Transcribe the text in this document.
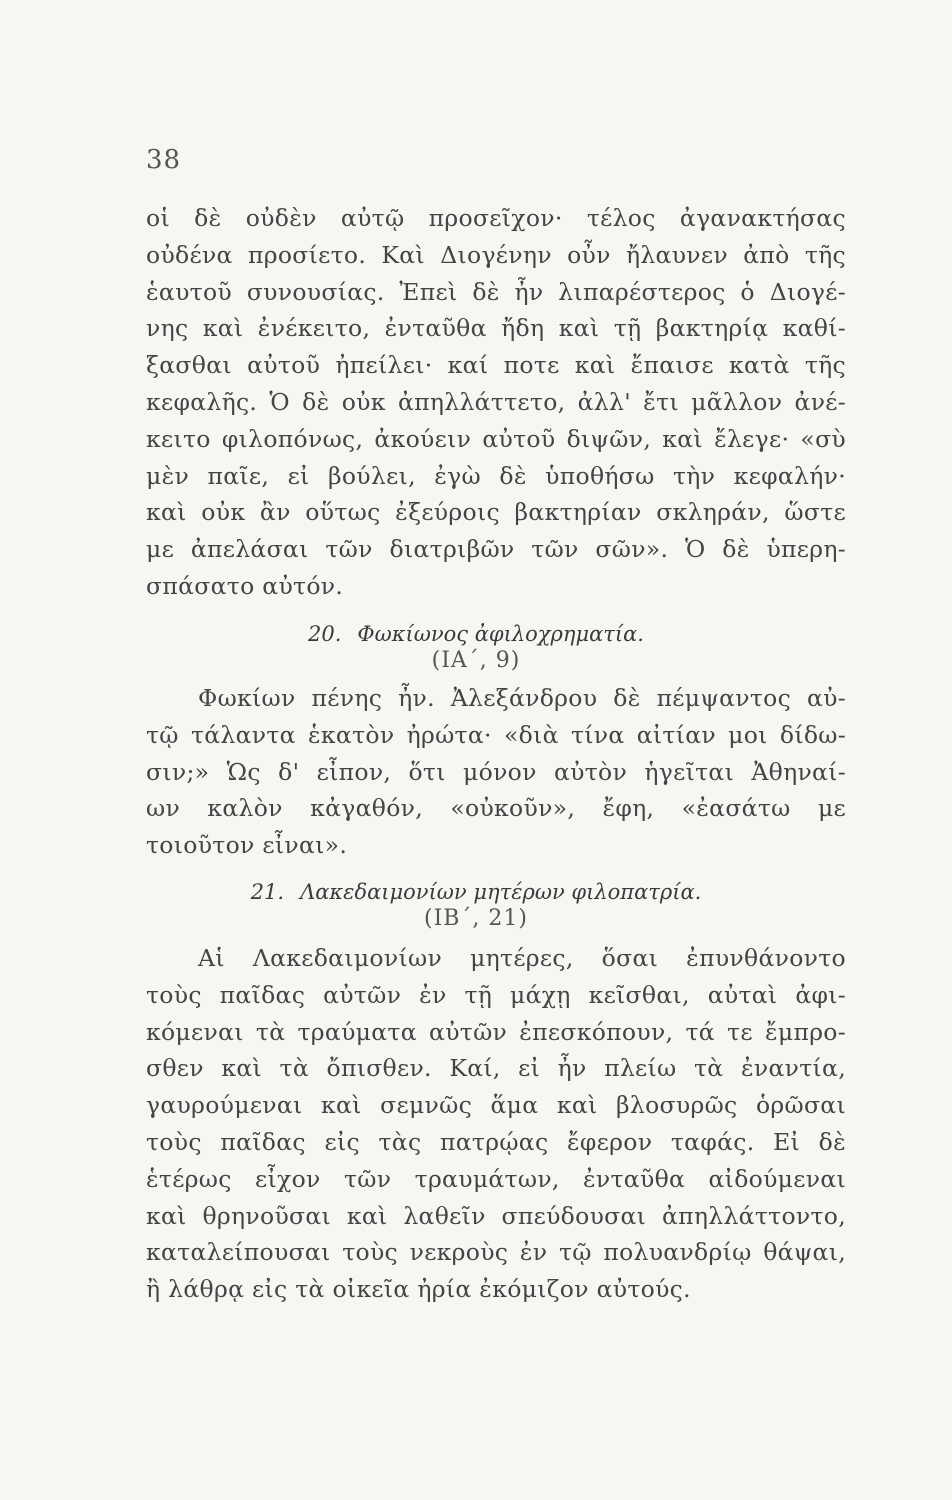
38
οἱ δὲ οὐδὲν αὐτῷ προσεῖχον· τέλος ἀγανακτήσας
οὐδένα προσίετο. Καὶ Διογένην οὖν ἤλαυνεν ἀπὸ τῆς
ἑαυτοῦ συνουσίας. Ἐπεὶ δὲ ἦν λιπαρέστερος ὁ Διογέ-
νης καὶ ἐνέκειτο, ἐνταῦθα ἤδη καὶ τῇ βακτηρίᾳ καθί-
ξασθαι αὐτοῦ ἠπείλει· καί ποτε καὶ ἔπαισε κατὰ τῆς
κεφαλῆς. Ὁ δὲ οὐκ ἀπηλλάττετο, ἀλλ' ἔτι μᾶλλον ἀνέ-
κειτο φιλοπόνως, ἀκούειν αὐτοῦ διψῶν, καὶ ἔλεγε· «σὺ
μὲν παῖε, εἰ βούλει, ἐγὼ δὲ ὑποθήσω τὴν κεφαλήν·
καὶ οὐκ ἂν οὕτως ἐξεύροις βακτηρίαν σκληράν, ὥστε
με ἀπελάσαι τῶν διατριβῶν τῶν σῶν». Ὁ δὲ ὑπερη-
σπάσατο αὐτόν.
20. Φωκίωνος ἀφιλοχρηματία.
(ΙΑ΄, 9)
Φωκίων πένης ἦν. Ἀλεξάνδρου δὲ πέμψαντος αὐ-
τῷ τάλαντα ἑκατὸν ἠρώτα· «διὰ τίνα αἰτίαν μοι δίδω-
σιν;» Ὡς δ' εἶπον, ὅτι μόνον αὐτὸν ἡγεῖται Ἀθηναί-
ων καλὸν κἀγαθόν, «οὐκοῦν», ἔφη, «ἐασάτω με
τοιοῦτον εἶναι».
21. Λακεδαιμονίων μητέρων φιλοπατρία.
(ΙΒ΄, 21)
Αἱ Λακεδαιμονίων μητέρες, ὅσαι ἐπυνθάνοντο
τοὺς παῖδας αὐτῶν ἐν τῇ μάχῃ κεῖσθαι, αὐταὶ ἀφι-
κόμεναι τὰ τραύματα αὐτῶν ἐπεσκόπουν, τά τε ἔμπρο-
σθεν καὶ τὰ ὄπισθεν. Καί, εἰ ἦν πλείω τὰ ἐναντία,
γαυρούμεναι καὶ σεμνῶς ἅμα καὶ βλοσυρῶς ὁρῶσαι
τοὺς παῖδας εἰς τὰς πατρῴας ἔφερον ταφάς. Εἰ δὲ
ἑτέρως εἶχον τῶν τραυμάτων, ἐνταῦθα αἰδούμεναι
καὶ θρηνοῦσαι καὶ λαθεῖν σπεύδουσαι ἀπηλλάττοντο,
καταλείπουσαι τοὺς νεκροὺς ἐν τῷ πολυανδρίῳ θάψαι,
ἢ λάθρᾳ εἰς τὰ οἰκεῖα ἠρία ἐκόμιζον αὐτούς.
